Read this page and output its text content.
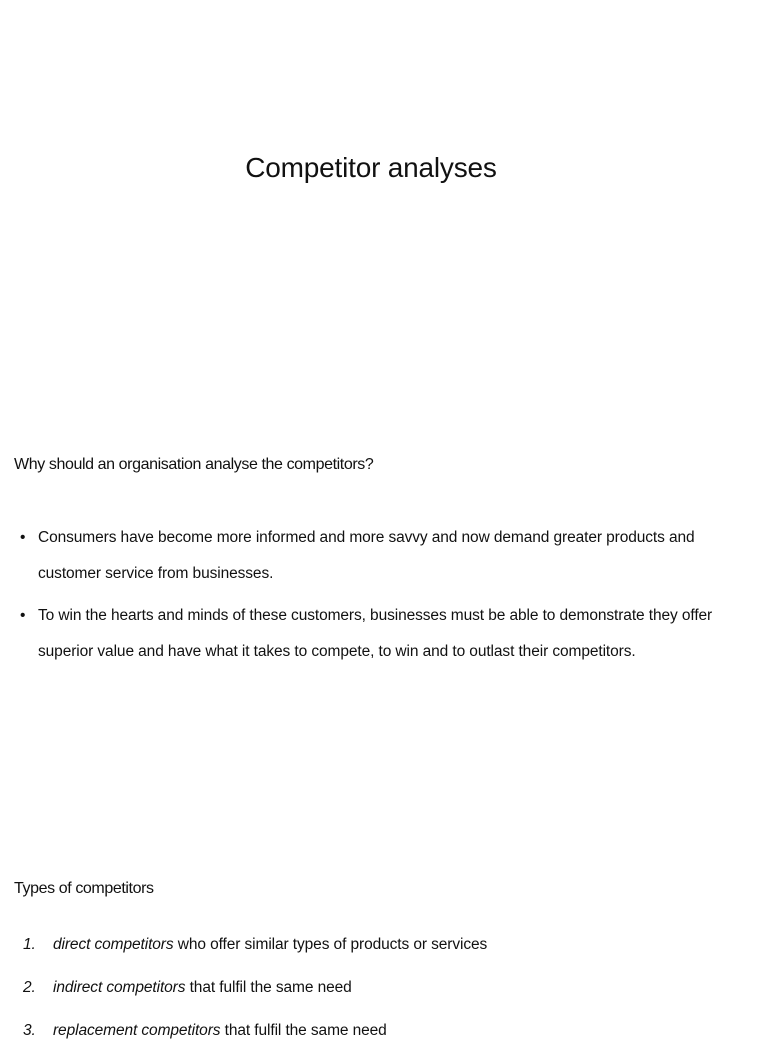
Competitor analyses

Why should an organisation analyse the competitors?

• Consumers have become more informed and more savvy and now demand greater products and customer service from businesses.
• To win the hearts and minds of these customers, businesses must be able to demonstrate they offer superior value and have what it takes to compete, to win and to outlast their competitors.

Types of competitors

1. direct competitors who offer similar types of products or services
2. indirect competitors that fulfil the same need
3. replacement competitors that fulfil the same need
